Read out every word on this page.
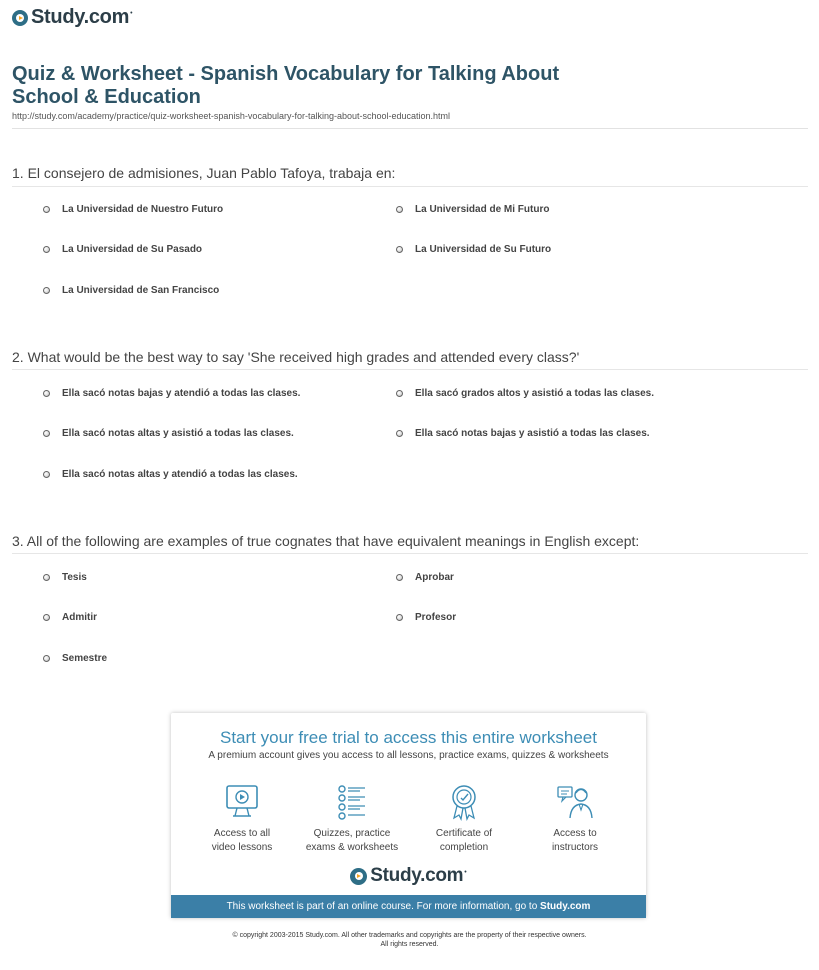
Study.com •
Quiz & Worksheet - Spanish Vocabulary for Talking About
School & Education
http://study.com/academy/practice/quiz-worksheet-spanish-vocabulary-for-talking-about-school-education.html
1. El consejero de admisiones, Juan Pablo Tafoya, trabaja en:
La Universidad de Nuestro Futuro	La Universidad de Mi Futuro
La Universidad de Su Pasado	La Universidad de Su Futuro
La Universidad de San Francisco
2. What would be the best way to say 'She received high grades and attended every class?'
Ella sacó notas bajas y atendió a todas las clases.	Ella sacó grados altos y asistió a todas las clases.
Ella sacó notas altas y asistió a todas las clases.	Ella sacó notas bajas y asistió a todas las clases.
Ella sacó notas altas y atendió a todas las clases.
3. All of the following are examples of true cognates that have equivalent meanings in English except:
Tesis	Aprobar
Admitir	Profesor
Semestre
Start your free trial to access this entire worksheet
A premium account gives you access to all lessons, practice exams, quizzes & worksheets
Access to all
video lessons
Quizzes, practice
exams & worksheets
Certificate of
completion
Access to
instructors
Study.com •
This worksheet is part of an online course. For more information, go to Study.com
© copyright 2003-2015 Study.com. All other trademarks and copyrights are the property of their respective owners.
All rights reserved.
